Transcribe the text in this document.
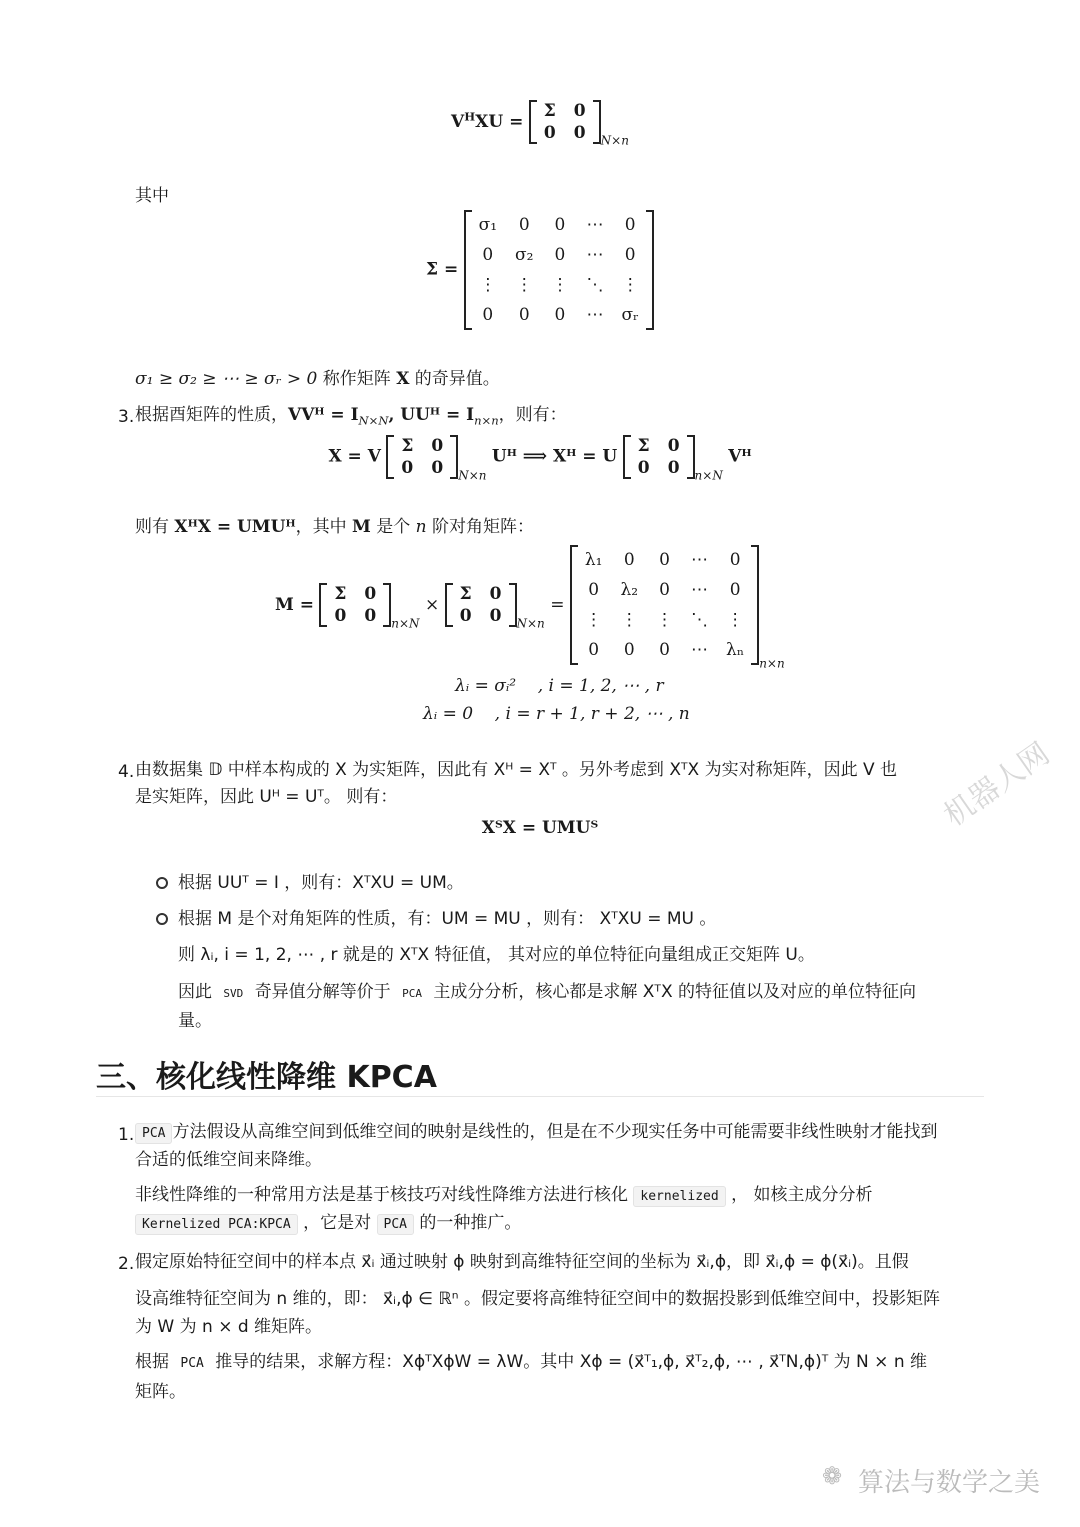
$V^HXU$ =
Σ	0
0	0 $_{N\times n}$
其中
Σ =
σ₁	0	0	⋯	0
0	σ₂	0	⋯	0
⋮	⋮	⋮	⋱	⋮
0	0	0	⋯	σᵣ
σ₁ ≥ σ₂ ≥ ⋯ ≥ σᵣ > 0 称作矩阵 X 的奇异值。
3. 根据酉矩阵的性质，VVᴴ = $I_{N\times N}$, UUᴴ = $I_{n\times n}$，则有：
X = V
Σ	0
0	0 $_{N\times n}$ Uᴴ ⟹ Xᴴ = U
Σ	0
0	0 $_{n\times N}$ Vᴴ
则有 XᴴX = UMUᴴ，其中 M 是个 n 阶对角矩阵：
M =
Σ	0
0	0 $_{n\times N}$ ×
Σ	0
0	0 $_{N\times n}$ =
λ₁	0	0	⋯	0
0	λ₂	0	⋯	0
⋮	⋮	⋮	⋱	⋮
0	0	0	⋯	λₙ
$_{n\times n}$
λᵢ = σᵢ²    , i = 1, 2, ⋯ , r
λᵢ = 0    , i = r + 1, r + 2, ⋯ , n
4. 由数据集 𝔻 中样本构成的 X 为实矩阵，因此有 Xᴴ = Xᵀ 。另外考虑到 XᵀX 为实对称矩阵，因此 V 也
是实矩阵，因此 Uᴴ = Uᵀ。 则有：
XᵀX = UMUᵀ
根据 UUᵀ = I ，则有：XᵀXU = UM。
根据 M 是个对角矩阵的性质，有：UM = MU ，则有： XᵀXU = MU 。
则 λᵢ, i = 1, 2, ⋯ , r 就是的 XᵀX 特征值， 其对应的单位特征向量组成正交矩阵 U。
因此 SVD 奇异值分解等价于 PCA 主成分分析，核心都是求解 XᵀX 的特征值以及对应的单位特征向
量。
三、核化线性降维 KPCA
1. PCA 方法假设从高维空间到低维空间的映射是线性的，但是在不少现实任务中可能需要非线性映射才能找到
合适的低维空间来降维。
非线性降维的一种常用方法是基于核技巧对线性降维方法进行核化 kernelized ， 如核主成分分析
Kernelized PCA:KPCA ，它是对 PCA 的一种推广。
2. 假定原始特征空间中的样本点 x⃗ᵢ 通过映射 ϕ 映射到高维特征空间的坐标为 x⃗ᵢ,ϕ，即 x⃗ᵢ,ϕ = ϕ(x⃗ᵢ)。且假
设高维特征空间为 n 维的，即： x⃗ᵢ,ϕ ∈ ℝⁿ 。假定要将高维特征空间中的数据投影到低维空间中，投影矩阵
为 W 为 n × d 维矩阵。
根据 PCA 推导的结果，求解方程：XϕᵀXϕW = λW。其中 Xϕ = (x⃗ᵀ₁,ϕ, x⃗ᵀ₂,ϕ, ⋯ , x⃗ᵀN,ϕ)ᵀ 为 N × n 维
矩阵。
机器人网
❁ 算法与数学之美
